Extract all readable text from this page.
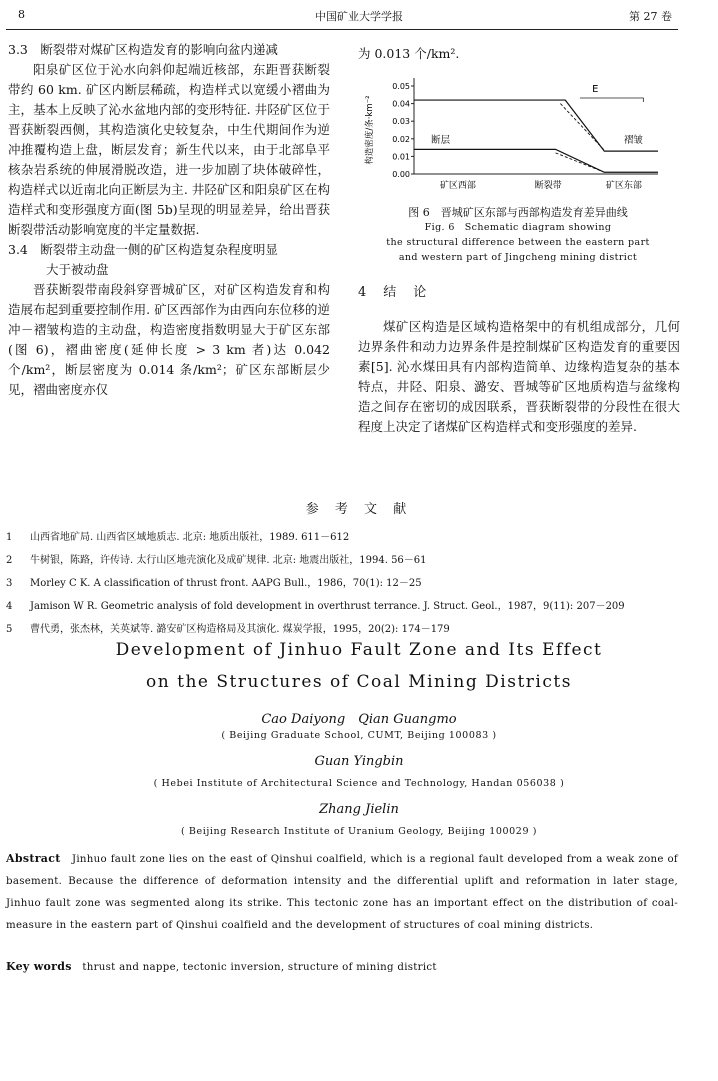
8	中国矿业大学学报	第 27 卷

3.3　断裂带对煤矿区构造发育的影响向盆内递减

阳泉矿区位于沁水向斜仰起端近核部，东距晋获断裂带约 60 km. 矿区内断层稀疏，构造样式以宽缓小褶曲为主，基本上反映了沁水盆地内部的变形特征. 井陉矿区位于晋获断裂西侧，其构造演化史较复杂，中生代期间作为逆冲推覆构造上盘，断层发育；新生代以来，由于北部阜平核杂岩系统的伸展滑脱改造，进一步加剧了块体破碎性，构造样式以近南北向正断层为主. 井陉矿区和阳泉矿区在构造样式和变形强度方面(图 5b)呈现的明显差异，给出晋获断裂带活动影响宽度的半定量数据.

3.4　断裂带主动盘一侧的矿区构造复杂程度明显

大于被动盘

晋获断裂带南段斜穿晋城矿区，对矿区构造发育和构造展布起到重要控制作用. 矿区西部作为由西向东位移的逆冲－褶皱构造的主动盘，构造密度指数明显大于矿区东部(图 6)，褶曲密度(延伸长度 > 3 km 者)达 0.042 个/km²，断层密度为 0.014 条/km²；矿区东部断层少见，褶曲密度亦仅

为 0.013 个/km².

0.05
0.04
0.03
0.02
0.01
0.00
构造密度/条·km⁻²
矿区西部	断裂带	矿区东部
褶皱
断层
E
图 6　晋城矿区东部与西部构造发育差异曲线
Fig. 6　Schematic diagram showing
the structural difference between the eastern part
and western part of Jingcheng mining district
4　结　论

煤矿区构造是区域构造格架中的有机组成部分，几何边界条件和动力边界条件是控制煤矿区构造发育的重要因素[5]. 沁水煤田具有内部构造简单、边缘构造复杂的基本特点，井陉、阳泉、潞安、晋城等矿区地质构造与盆缘构造之间存在密切的成因联系，晋获断裂带的分段性在很大程度上决定了诸煤矿区构造样式和变形强度的差异.

参 考 文 献
1 山西省地矿局. 山西省区域地质志. 北京: 地质出版社，1989. 611－612
2 牛树银，陈路，许传诗. 太行山区地壳演化及成矿规律. 北京: 地震出版社，1994. 56－61
3 Morley C K. A classification of thrust front. AAPG Bull.，1986，70(1): 12－25
4 Jamison W R. Geometric analysis of fold development in overthrust terrance. J. Struct. Geol.，1987，9(11): 207－209
5 曹代勇，张杰林，关英斌等. 潞安矿区构造格局及其演化. 煤炭学报，1995，20(2): 174－179
Development of Jinhuo Fault Zone and Its Effect
on the Structures of Coal Mining Districts
Cao Daiyong　Qian Guangmo
( Beijing Graduate School, CUMT, Beijing 100083 )
Guan Yingbin
( Hebei Institute of Architectural Science and Technology, Handan 056038 )
Zhang Jielin
( Beijing Research Institute of Uranium Geology, Beijing 100029 )
Abstract Jinhuo fault zone lies on the east of Qinshui coalfield, which is a regional fault developed from a weak zone of basement. Because the difference of deformation intensity and the differential uplift and reformation in later stage, Jinhuo fault zone was segmented along its strike. This tectonic zone has an important effect on the distribution of coal-measure in the eastern part of Qinshui coalfield and the development of structures of coal mining districts.
Key words thrust and nappe, tectonic inversion, structure of mining district
